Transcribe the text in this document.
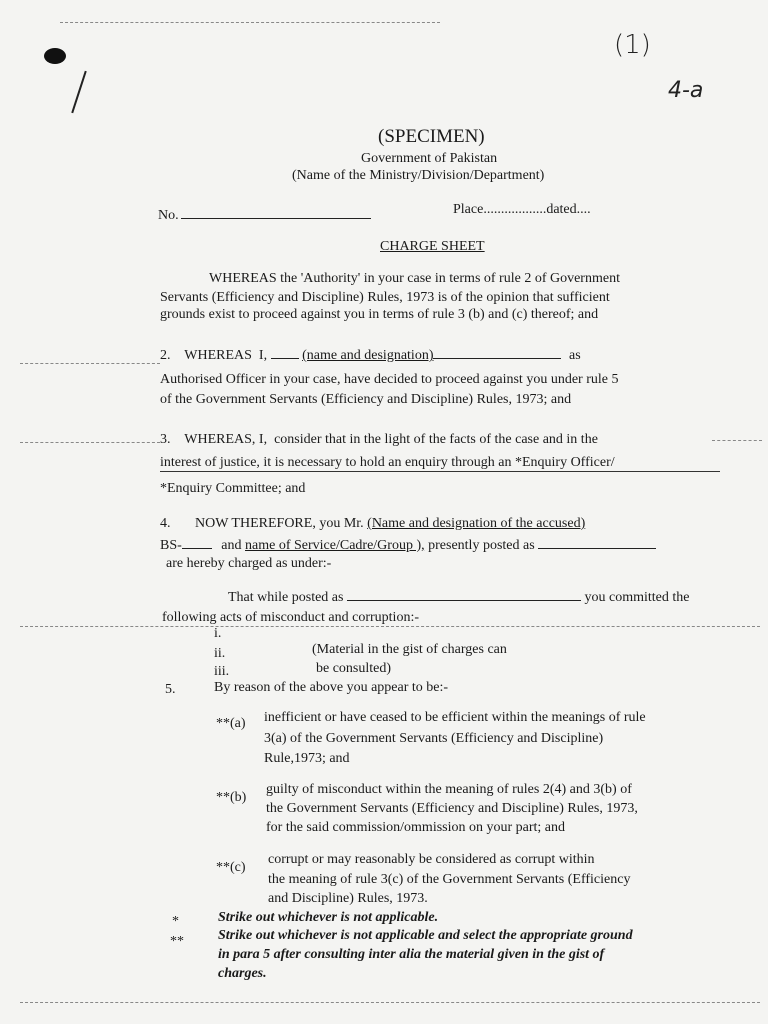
(1)
4-a
(SPECIMEN)
Government of Pakistan
(Name of the Ministry/Division/Department)
No.	Place..................dated....
CHARGE SHEET
WHEREAS the 'Authority' in your case in terms of rule 2 of Government
Servants (Efficiency and Discipline) Rules, 1973 is of the opinion that sufficient
grounds exist to proceed against you in terms of rule 3 (b) and (c) thereof; and
2.    WHEREAS  I,	(name and designation)	as
Authorised Officer in your case, have decided to proceed against you under rule 5
of the Government Servants (Efficiency and Discipline) Rules, 1973; and
3.    WHEREAS, I,  consider that in the light of the facts of the case and in the
interest of justice, it is necessary to hold an enquiry through an *Enquiry Officer/
*Enquiry Committee; and
4.       NOW THEREFORE, you Mr. (Name and designation of the accused)
BS-	and name of Service/Cadre/Group ), presently posted as
are hereby charged as under:-
That while posted as	you committed the
following acts of misconduct and corruption:-
i.
ii.
iii.
(Material in the gist of charges can
be consulted)
5.	By reason of the above you appear to be:-
**(a) inefficient or have ceased to be efficient within the meanings of rule
3(a) of the Government Servants (Efficiency and Discipline)
Rule,1973; and
**(b)
guilty of misconduct within the meaning of rules 2(4) and 3(b) of
the Government Servants (Efficiency and Discipline) Rules, 1973,
for the said commission/ommission on your part; and
**(c)
corrupt or may reasonably be considered as corrupt within
the meaning of rule 3(c) of the Government Servants (Efficiency
and Discipline) Rules, 1973.
*	Strike out whichever is not applicable.
** Strike out whichever is not applicable and select the appropriate ground
in para 5 after consulting inter alia the material given in the gist of
charges.
